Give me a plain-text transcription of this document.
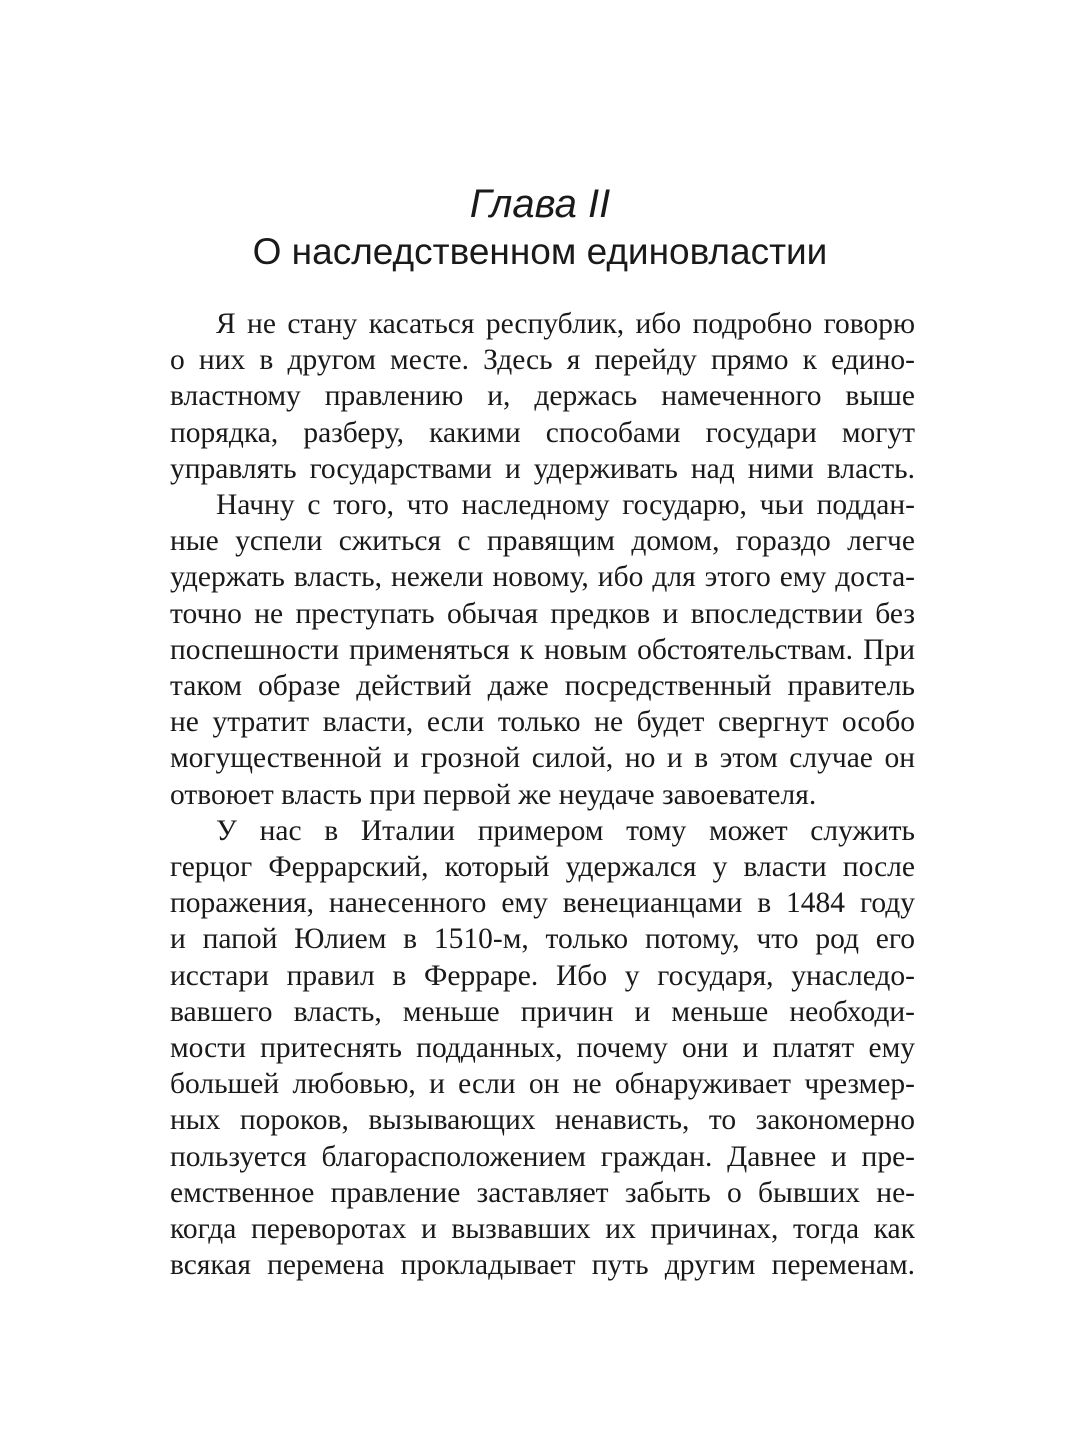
Глава II
О наследственном единовластии

Я не стану касаться республик, ибо подробно говорю
о них в другом месте. Здесь я перейду прямо к едино-
властному правлению и, держась намеченного выше
порядка, разберу, какими способами государи могут
управлять государствами и удерживать над ними власть.

Начну с того, что наследному государю, чьи поддан-
ные успели сжиться с правящим домом, гораздо легче
удержать власть, нежели новому, ибо для этого ему доста-
точно не преступать обычая предков и впоследствии без
поспешности применяться к новым обстоятельствам. При
таком образе действий даже посредственный правитель
не утратит власти, если только не будет свергнут особо
могущественной и грозной силой, но и в этом случае он
отвоюет власть при первой же неудаче завоевателя.

У нас в Италии примером тому может служить
герцог Феррарский, который удержался у власти после
поражения, нанесенного ему венецианцами в 1484 году
и папой Юлием в 1510-м, только потому, что род его
исстари правил в Ферраре. Ибо у государя, унаследо-
вавшего власть, меньше причин и меньше необходи-
мости притеснять подданных, почему они и платят ему
большей любовью, и если он не обнаруживает чрезмер-
ных пороков, вызывающих ненависть, то закономерно
пользуется благорасположением граждан. Давнее и пре-
емственное правление заставляет забыть о бывших не-
когда переворотах и вызвавших их причинах, тогда как
всякая перемена прокладывает путь другим переменам.
